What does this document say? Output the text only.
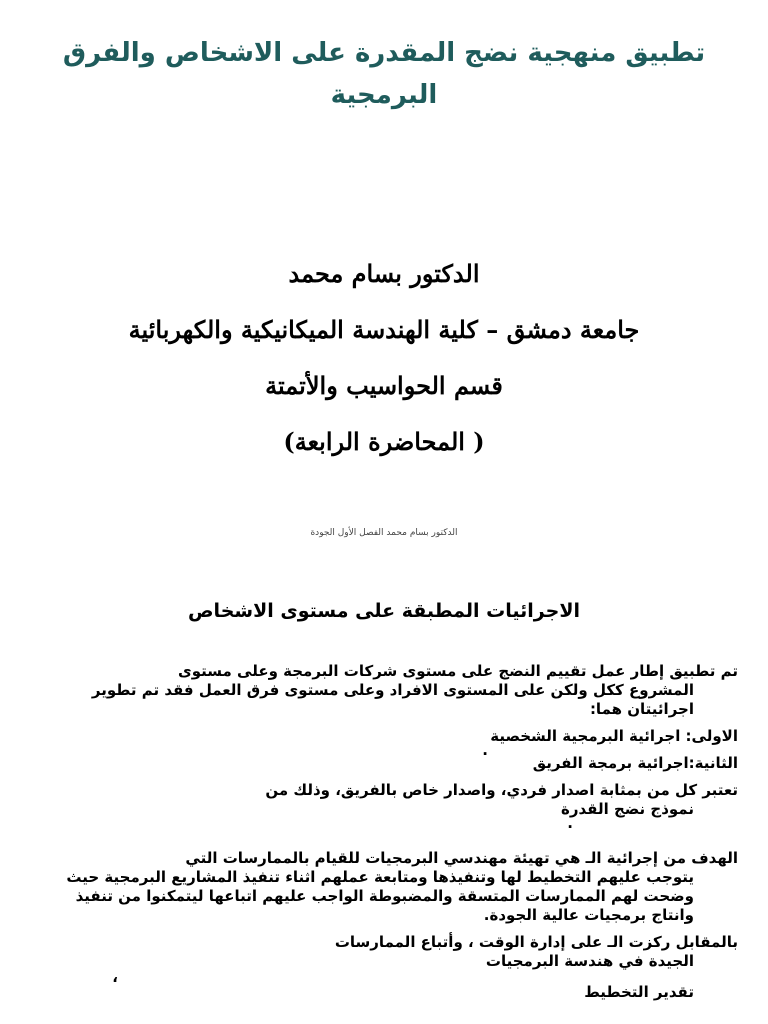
تطبيق منهجية نضج المقدرة على الاشخاص والفرق
البرمجية
الدكتور بسام محمد
جامعة دمشق – كلية الهندسة الميكانيكية والكهربائية
قسم الحواسيب والأتمتة
( المحاضرة الرابعة)
الدكتور بسام محمد الفصل الأول الجودة
الاجرائيات المطبقة على مستوى الاشخاص
تم تطبيق إطار عمل تقييم النضج على مستوى شركات البرمجة وعلى مستوى
المشروع ككل ولكن على المستوى الافراد وعلى مستوى فرق العمل فقد تم تطوير
اجرائيتان هما:
الاولى: اجرائية البرمجية الشخصية
.
الثانية:اجرائية برمجة الفريق
تعتبر كل من بمثابة اصدار فردي، واصدار خاص بالفريق، وذلك من
نموذج نضج القدرة
.
الهدف من إجرائية الـ هي تهيئة مهندسي البرمجيات للقيام بالممارسات التي
يتوجب عليهم التخطيط لها وتنفيذها ومتابعة عملهم اثناء تنفيذ المشاريع البرمجية حيث
وضحت لهم الممارسات المتسقة والمضبوطة الواجب عليهم اتباعها ليتمكنوا من تنفيذ
وانتاج برمجيات عالية الجودة.
بالمقابل ركزت الـ على إدارة الوقت ، وأتباع الممارسات
الجيدة في هندسة البرمجيات
،
تقدير التخطيط
